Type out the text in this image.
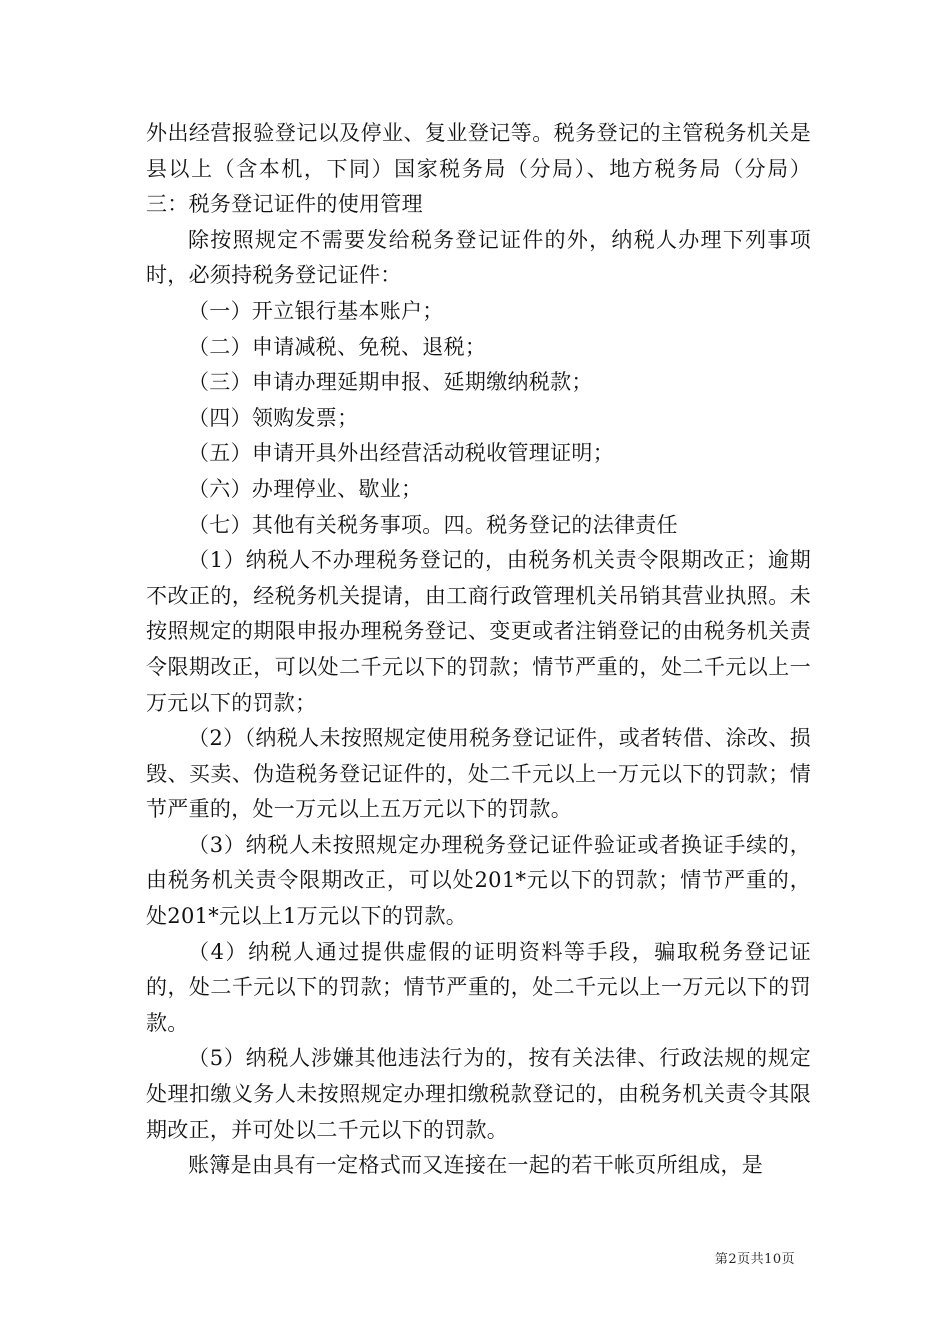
外出经营报验登记以及停业、复业登记等。税务登记的主管税务机关是县以上（含本机，下同）国家税务局（分局）、地方税务局（分局）三：税务登记证件的使用管理

除按照规定不需要发给税务登记证件的外，纳税人办理下列事项时，必须持税务登记证件：

（一）开立银行基本账户；

（二）申请减税、免税、退税；

（三）申请办理延期申报、延期缴纳税款；

（四）领购发票；

（五）申请开具外出经营活动税收管理证明；

（六）办理停业、歇业；

（七）其他有关税务事项。四。税务登记的法律责任

（1）纳税人不办理税务登记的，由税务机关责令限期改正；逾期不改正的，经税务机关提请，由工商行政管理机关吊销其营业执照。未按照规定的期限申报办理税务登记、变更或者注销登记的由税务机关责令限期改正，可以处二千元以下的罚款；情节严重的，处二千元以上一万元以下的罚款；

（2）（纳税人未按照规定使用税务登记证件，或者转借、涂改、损毁、买卖、伪造税务登记证件的，处二千元以上一万元以下的罚款；情节严重的，处一万元以上五万元以下的罚款。

（3）纳税人未按照规定办理税务登记证件验证或者换证手续的，由税务机关责令限期改正，可以处201*元以下的罚款；情节严重的，处201*元以上1万元以下的罚款。

（4）纳税人通过提供虚假的证明资料等手段，骗取税务登记证的，处二千元以下的罚款；情节严重的，处二千元以上一万元以下的罚款。

（5）纳税人涉嫌其他违法行为的，按有关法律、行政法规的规定处理扣缴义务人未按照规定办理扣缴税款登记的，由税务机关责令其限期改正，并可处以二千元以下的罚款。

账簿是由具有一定格式而又连接在一起的若干帐页所组成，是

第2页共10页
